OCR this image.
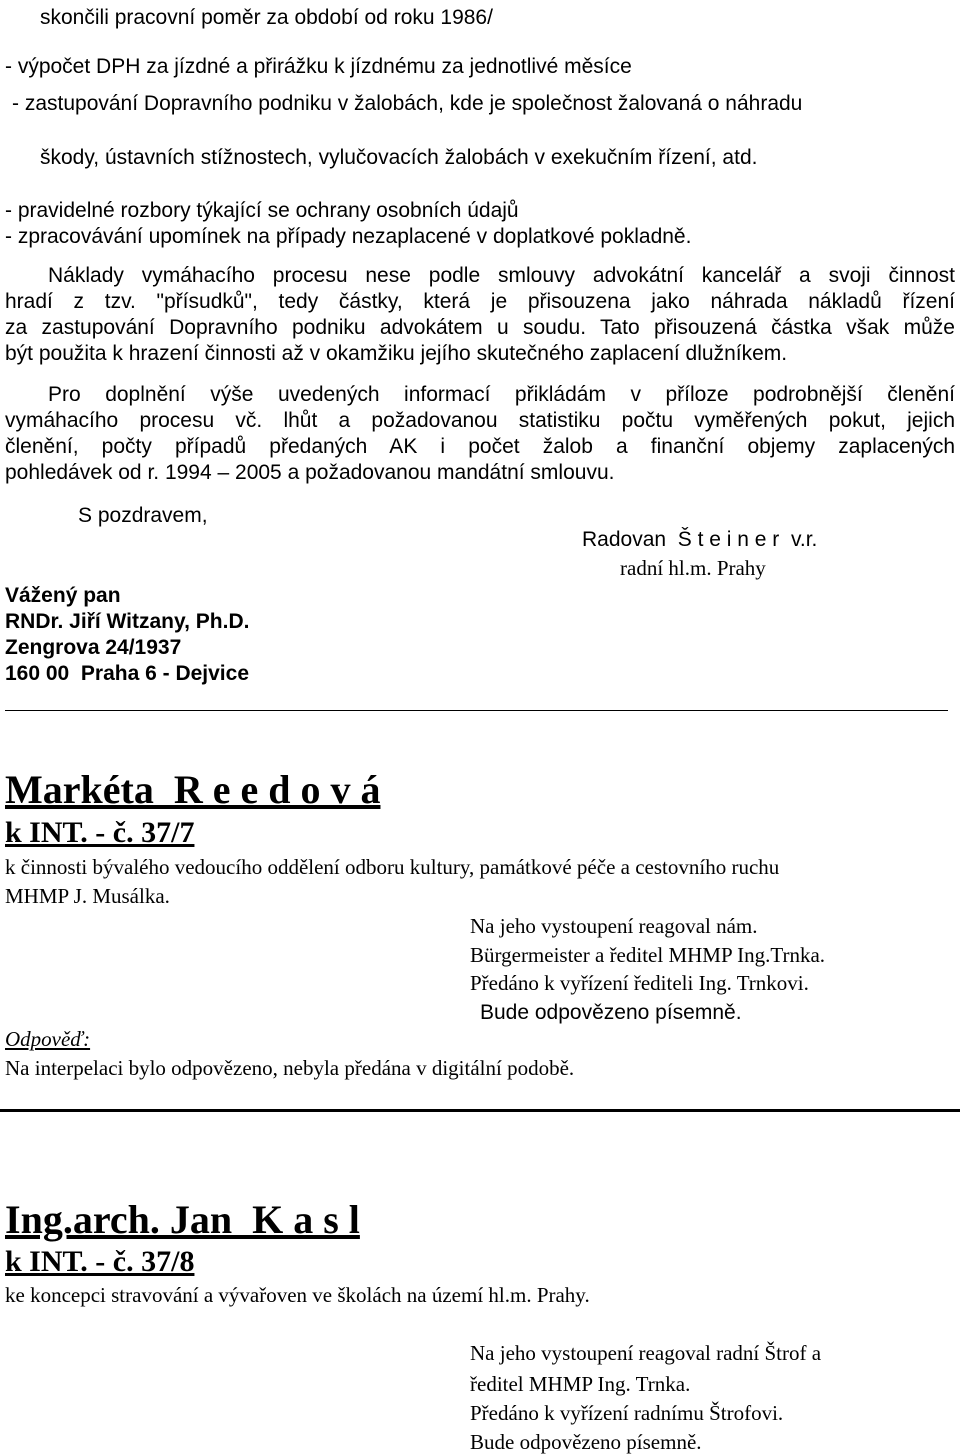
skončili pracovní poměr za období od roku 1986/
- výpočet DPH za jízdné a přirážku k jízdnému za jednotlivé měsíce
- zastupování Dopravního podniku v žalobách, kde je společnost žalovaná o náhradu
škody, ústavních stížnostech, vylučovacích žalobách v exekučním řízení, atd.
- pravidelné rozbory týkající se ochrany osobních údajů
- zpracovávání upomínek na případy nezaplacené v doplatkové pokladně.
Náklady vymáhacího procesu nese podle smlouvy advokátní kancelář a svoji činnost
hradí z tzv. "přísudků", tedy částky, která je přisouzena jako náhrada nákladů řízení
za zastupování Dopravního podniku advokátem u soudu. Tato přisouzená částka však může
být použita k hrazení činnosti až v okamžiku jejího skutečného zaplacení dlužníkem.
Pro doplnění výše uvedených informací přikládám v příloze podrobnější členění
vymáhacího procesu vč. lhůt a požadovanou statistiku počtu vyměřených pokut, jejich
členění, počty případů předaných AK i počet žalob a finanční objemy zaplacených
pohledávek od r. 1994 – 2005 a požadovanou mandátní smlouvu.
S pozdravem,
Radovan  Š t e i n e r  v.r.
radní hl.m. Prahy
Vážený pan
RNDr. Jiří Witzany, Ph.D.
Zengrova 24/1937
160 00  Praha 6 - Dejvice
Markéta  R e e d o v á
k INT. - č. 37/7
k činnosti bývalého vedoucího oddělení odboru kultury, památkové péče a cestovního ruchu
MHMP J. Musálka.
Na jeho vystoupení reagoval nám.
Bürgermeister a ředitel MHMP Ing.Trnka.
Předáno k vyřízení řediteli Ing. Trnkovi.
Bude odpovězeno písemně.
Odpověď:
Na interpelaci bylo odpovězeno, nebyla předána v digitální podobě.
Ing.arch. Jan  K a s l
k INT. - č. 37/8
ke koncepci stravování a vývařoven ve školách na území hl.m. Prahy.
Na jeho vystoupení reagoval radní Štrof a
ředitel MHMP Ing. Trnka.
Předáno k vyřízení radnímu Štrofovi.
Bude odpovězeno písemně.
